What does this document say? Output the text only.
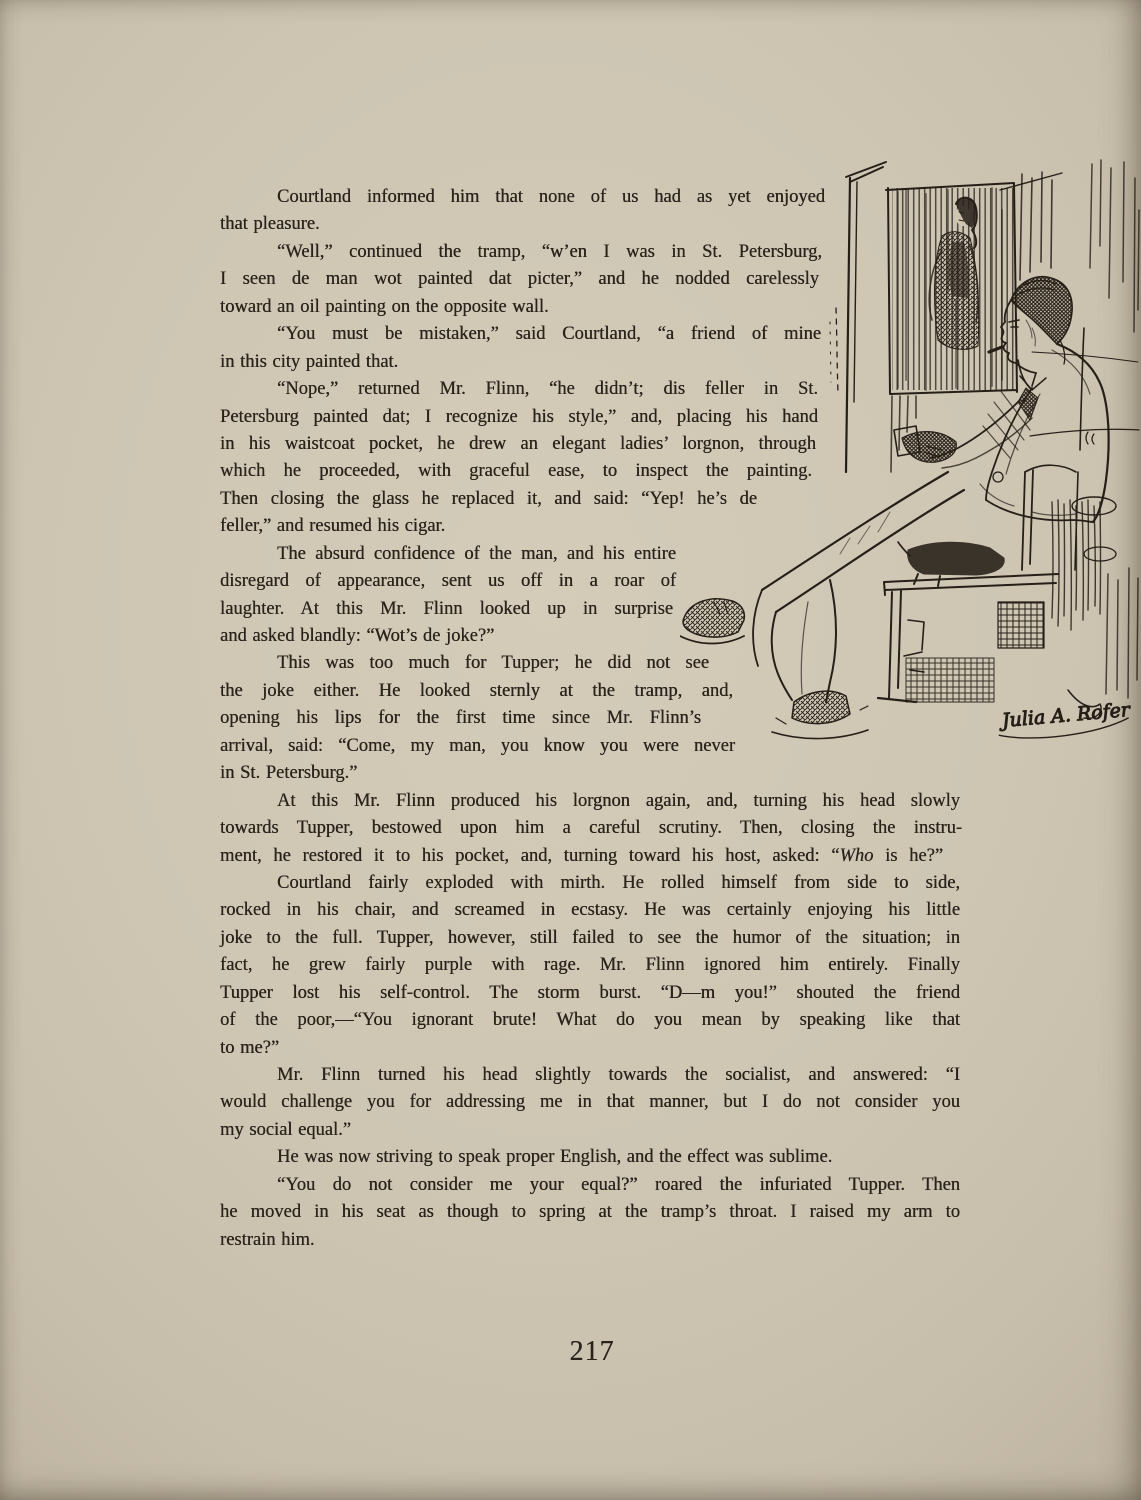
Courtland informed him that none of us had as yet enjoyed
that pleasure.
“Well,” continued the tramp, “w’en I was in St. Petersburg,
I seen de man wot painted dat picter,” and he nodded carelessly
toward an oil painting on the opposite wall.
“You must be mistaken,” said Courtland, “a friend of mine
in this city painted that.
“Nope,” returned Mr. Flinn, “he didn’t; dis feller in St.
Petersburg painted dat; I recognize his style,” and, placing his hand
in his waistcoat pocket, he drew an elegant ladies’ lorgnon, through
which he proceeded, with graceful ease, to inspect the painting.
Then closing the glass he replaced it, and said: “Yep! he’s de
feller,” and resumed his cigar.
The absurd confidence of the man, and his entire
disregard of appearance, sent us off in a roar of
laughter. At this Mr. Flinn looked up in surprise
and asked blandly: “Wot’s de joke?”
This was too much for Tupper; he did not see
the joke either. He looked sternly at the tramp, and,
opening his lips for the first time since Mr. Flinn’s
arrival, said: “Come, my man, you know you were never
in St. Petersburg.”
At this Mr. Flinn produced his lorgnon again, and, turning his head slowly
towards Tupper, bestowed upon him a careful scrutiny. Then, closing the instru-
ment, he restored it to his pocket, and, turning toward his host, asked: “Who is he?”
Courtland fairly exploded with mirth. He rolled himself from side to side,
rocked in his chair, and screamed in ecstasy. He was certainly enjoying his little
joke to the full. Tupper, however, still failed to see the humor of the situation; in
fact, he grew fairly purple with rage. Mr. Flinn ignored him entirely. Finally
Tupper lost his self-control. The storm burst. “D—m you!” shouted the friend
of the poor,—“You ignorant brute! What do you mean by speaking like that
to me?”
Mr. Flinn turned his head slightly towards the socialist, and answered: “I
would challenge you for addressing me in that manner, but I do not consider you
my social equal.”
He was now striving to speak proper English, and the effect was sublime.
“You do not consider me your equal?” roared the infuriated Tupper. Then
he moved in his seat as though to spring at the tramp’s throat. I raised my arm to
restrain him.
Julia A. Rofer
217
